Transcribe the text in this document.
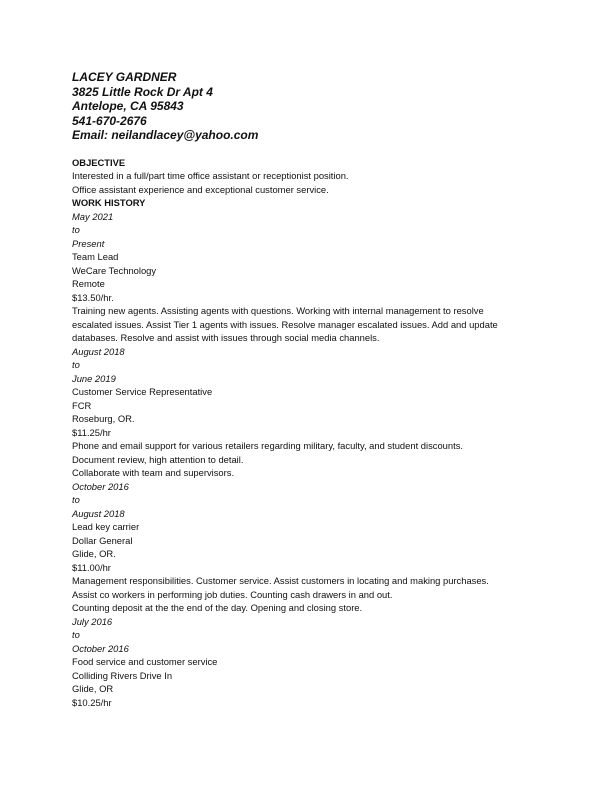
LACEY GARDNER
3825 Little Rock Dr Apt 4
Antelope, CA 95843
541-670-2676
Email: neilandlacey@yahoo.com
OBJECTIVE
Interested in a full/part time office assistant or receptionist position.
Office assistant experience and exceptional customer service.
WORK HISTORY
May 2021
to
Present
Team Lead
WeCare Technology
Remote
$13.50/hr.
Training new agents. Assisting agents with questions. Working with internal management to resolve
escalated issues. Assist Tier 1 agents with issues. Resolve manager escalated issues. Add and update
databases. Resolve and assist with issues through social media channels.
August 2018
to
June 2019
Customer Service Representative
FCR
Roseburg, OR.
$11.25/hr
Phone and email support for various retailers regarding military, faculty, and student discounts.
Document review, high attention to detail.
Collaborate with team and supervisors.
October 2016
to
August 2018
Lead key carrier
Dollar General
Glide, OR.
$11.00/hr
Management responsibilities. Customer service. Assist customers in locating and making purchases.
Assist co workers in performing job duties. Counting cash drawers in and out.
Counting deposit at the the end of the day. Opening and closing store.
July 2016
to
October 2016
Food service and customer service
Colliding Rivers Drive In
Glide, OR
$10.25/hr
